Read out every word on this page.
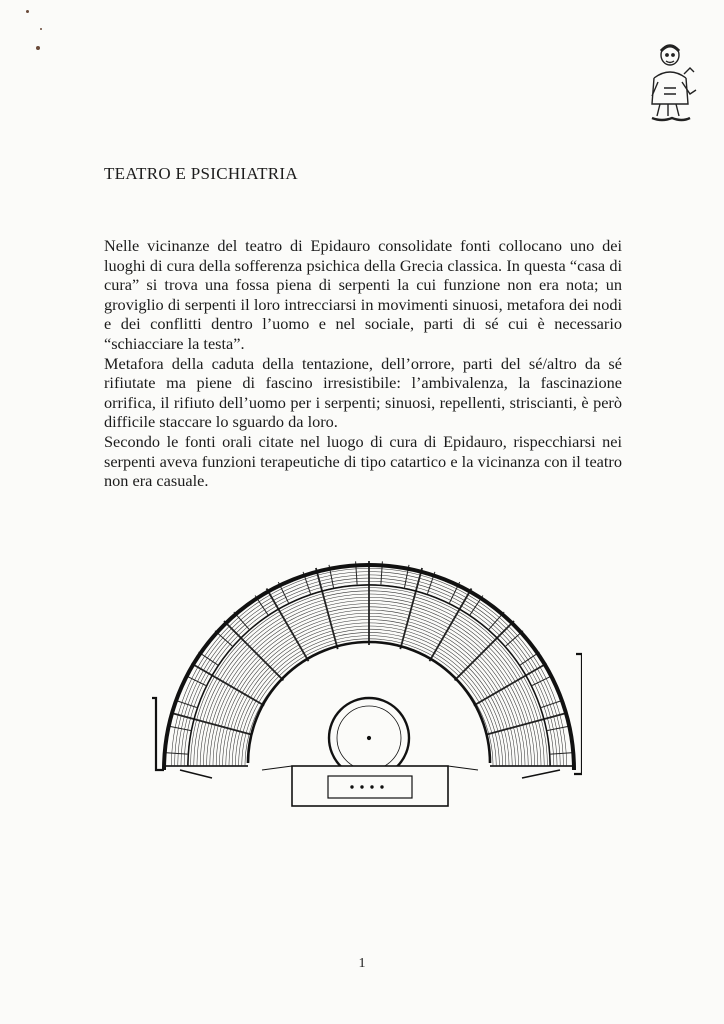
TEATRO E PSICHIATRIA

Nelle vicinanze del teatro di Epidauro consolidate fonti collocano uno dei luoghi di cura della sofferenza psichica della Grecia classica. In questa “casa di cura” si trova una fossa piena di serpenti la cui funzione non era nota; un groviglio di serpenti il loro intrecciarsi in movimenti sinuosi, metafora dei nodi e dei conflitti dentro l’uomo e nel sociale, parti di sé cui è necessario “schiacciare la testa”.

Metafora della caduta della tentazione, dell’orrore, parti del sé/altro da sé rifiutate ma piene di fascino irresistibile: l’ambivalenza, la fascinazione orrifica, il rifiuto dell’uomo per i serpenti; sinuosi, repellenti, striscianti, è però difficile staccare lo sguardo da loro.

Secondo le fonti orali citate nel luogo di cura di Epidauro, rispecchiarsi nei serpenti aveva funzioni terapeutiche di tipo catartico e la vicinanza con il teatro non era casuale.

1
